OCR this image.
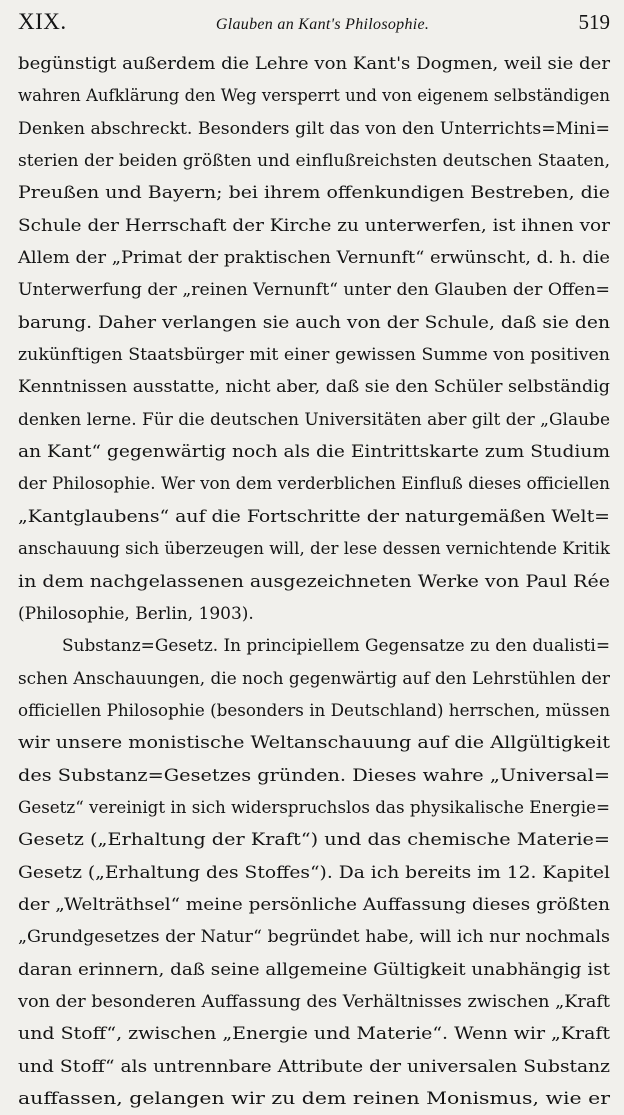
XIX.	Glauben an Kant's Philosophie.	519
begünstigt außerdem die Lehre von Kant's Dogmen, weil sie der
wahren Aufklärung den Weg versperrt und von eigenem selbständigen
Denken abschreckt. Besonders gilt das von den Unterrichts=Mini=
sterien der beiden größten und einflußreichsten deutschen Staaten,
Preußen und Bayern; bei ihrem offenkundigen Bestreben, die
Schule der Herrschaft der Kirche zu unterwerfen, ist ihnen vor
Allem der „Primat der praktischen Vernunft“ erwünscht, d. h. die
Unterwerfung der „reinen Vernunft“ unter den Glauben der Offen=
barung. Daher verlangen sie auch von der Schule, daß sie den
zukünftigen Staatsbürger mit einer gewissen Summe von positiven
Kenntnissen ausstatte, nicht aber, daß sie den Schüler selbständig
denken lerne. Für die deutschen Universitäten aber gilt der „Glaube
an Kant“ gegenwärtig noch als die Eintrittskarte zum Studium
der Philosophie. Wer von dem verderblichen Einfluß dieses officiellen
„Kantglaubens“ auf die Fortschritte der naturgemäßen Welt=
anschauung sich überzeugen will, der lese dessen vernichtende Kritik
in dem nachgelassenen ausgezeichneten Werke von Paul Rée
(Philosophie, Berlin, 1903).
Substanz=Gesetz. In principiellem Gegensatze zu den dualisti=
schen Anschauungen, die noch gegenwärtig auf den Lehrstühlen der
officiellen Philosophie (besonders in Deutschland) herrschen, müssen
wir unsere monistische Weltanschauung auf die Allgültigkeit
des Substanz=Gesetzes gründen. Dieses wahre „Universal=
Gesetz“ vereinigt in sich widerspruchslos das physikalische Energie=
Gesetz („Erhaltung der Kraft“) und das chemische Materie=
Gesetz („Erhaltung des Stoffes“). Da ich bereits im 12. Kapitel
der „Welträthsel“ meine persönliche Auffassung dieses größten
„Grundgesetzes der Natur“ begründet habe, will ich nur nochmals
daran erinnern, daß seine allgemeine Gültigkeit unabhängig ist
von der besonderen Auffassung des Verhältnisses zwischen „Kraft
und Stoff“, zwischen „Energie und Materie“. Wenn wir „Kraft
und Stoff“ als untrennbare Attribute der universalen Substanz
auffassen, gelangen wir zu dem reinen Monismus, wie er
